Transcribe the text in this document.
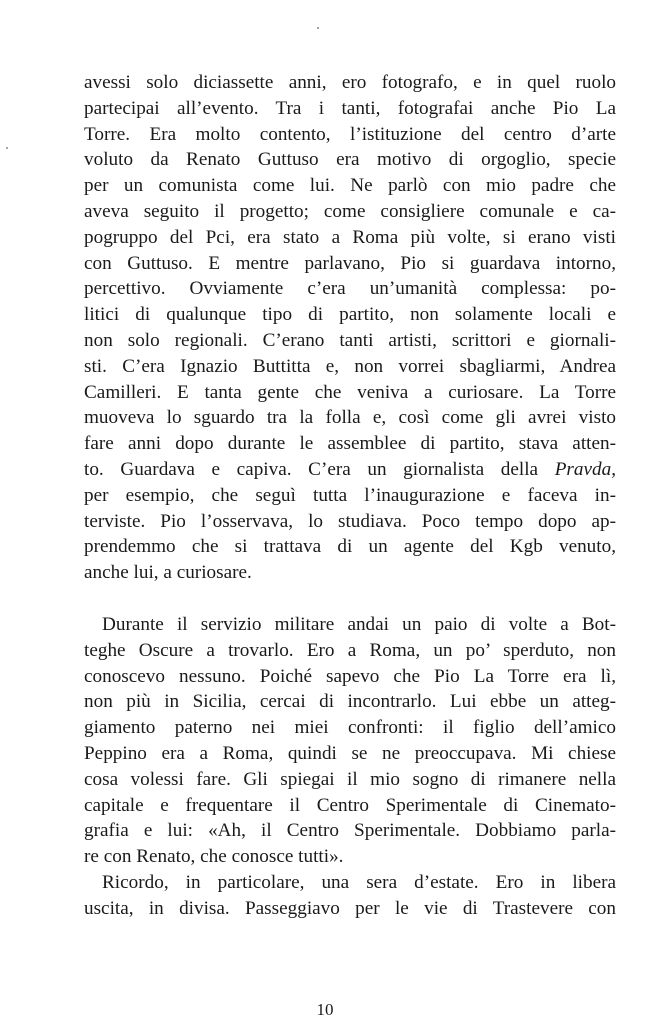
avessi solo diciassette anni, ero fotografo, e in quel ruolo
partecipai all’evento. Tra i tanti, fotografai anche Pio La
Torre. Era molto contento, l’istituzione del centro d’arte
voluto da Renato Guttuso era motivo di orgoglio, specie
per un comunista come lui. Ne parlò con mio padre che
aveva seguito il progetto; come consigliere comunale e ca-
pogruppo del Pci, era stato a Roma più volte, si erano visti
con Guttuso. E mentre parlavano, Pio si guardava intorno,
percettivo. Ovviamente c’era un’umanità complessa: po-
litici di qualunque tipo di partito, non solamente locali e
non solo regionali. C’erano tanti artisti, scrittori e giornali-
sti. C’era Ignazio Buttitta e, non vorrei sbagliarmi, Andrea
Camilleri. E tanta gente che veniva a curiosare. La Torre
muoveva lo sguardo tra la folla e, così come gli avrei visto
fare anni dopo durante le assemblee di partito, stava atten-
to. Guardava e capiva. C’era un giornalista della Pravda,
per esempio, che seguì tutta l’inaugurazione e faceva in-
terviste. Pio l’osservava, lo studiava. Poco tempo dopo ap-
prendemmo che si trattava di un agente del Kgb venuto,
anche lui, a curiosare.
Durante il servizio militare andai un paio di volte a Bot-
teghe Oscure a trovarlo. Ero a Roma, un po’ sperduto, non
conoscevo nessuno. Poiché sapevo che Pio La Torre era lì,
non più in Sicilia, cercai di incontrarlo. Lui ebbe un atteg-
giamento paterno nei miei confronti: il figlio dell’amico
Peppino era a Roma, quindi se ne preoccupava. Mi chiese
cosa volessi fare. Gli spiegai il mio sogno di rimanere nella
capitale e frequentare il Centro Sperimentale di Cinemato-
grafia e lui: «Ah, il Centro Sperimentale. Dobbiamo parla-
re con Renato, che conosce tutti».
Ricordo, in particolare, una sera d’estate. Ero in libera
uscita, in divisa. Passeggiavo per le vie di Trastevere con
10
